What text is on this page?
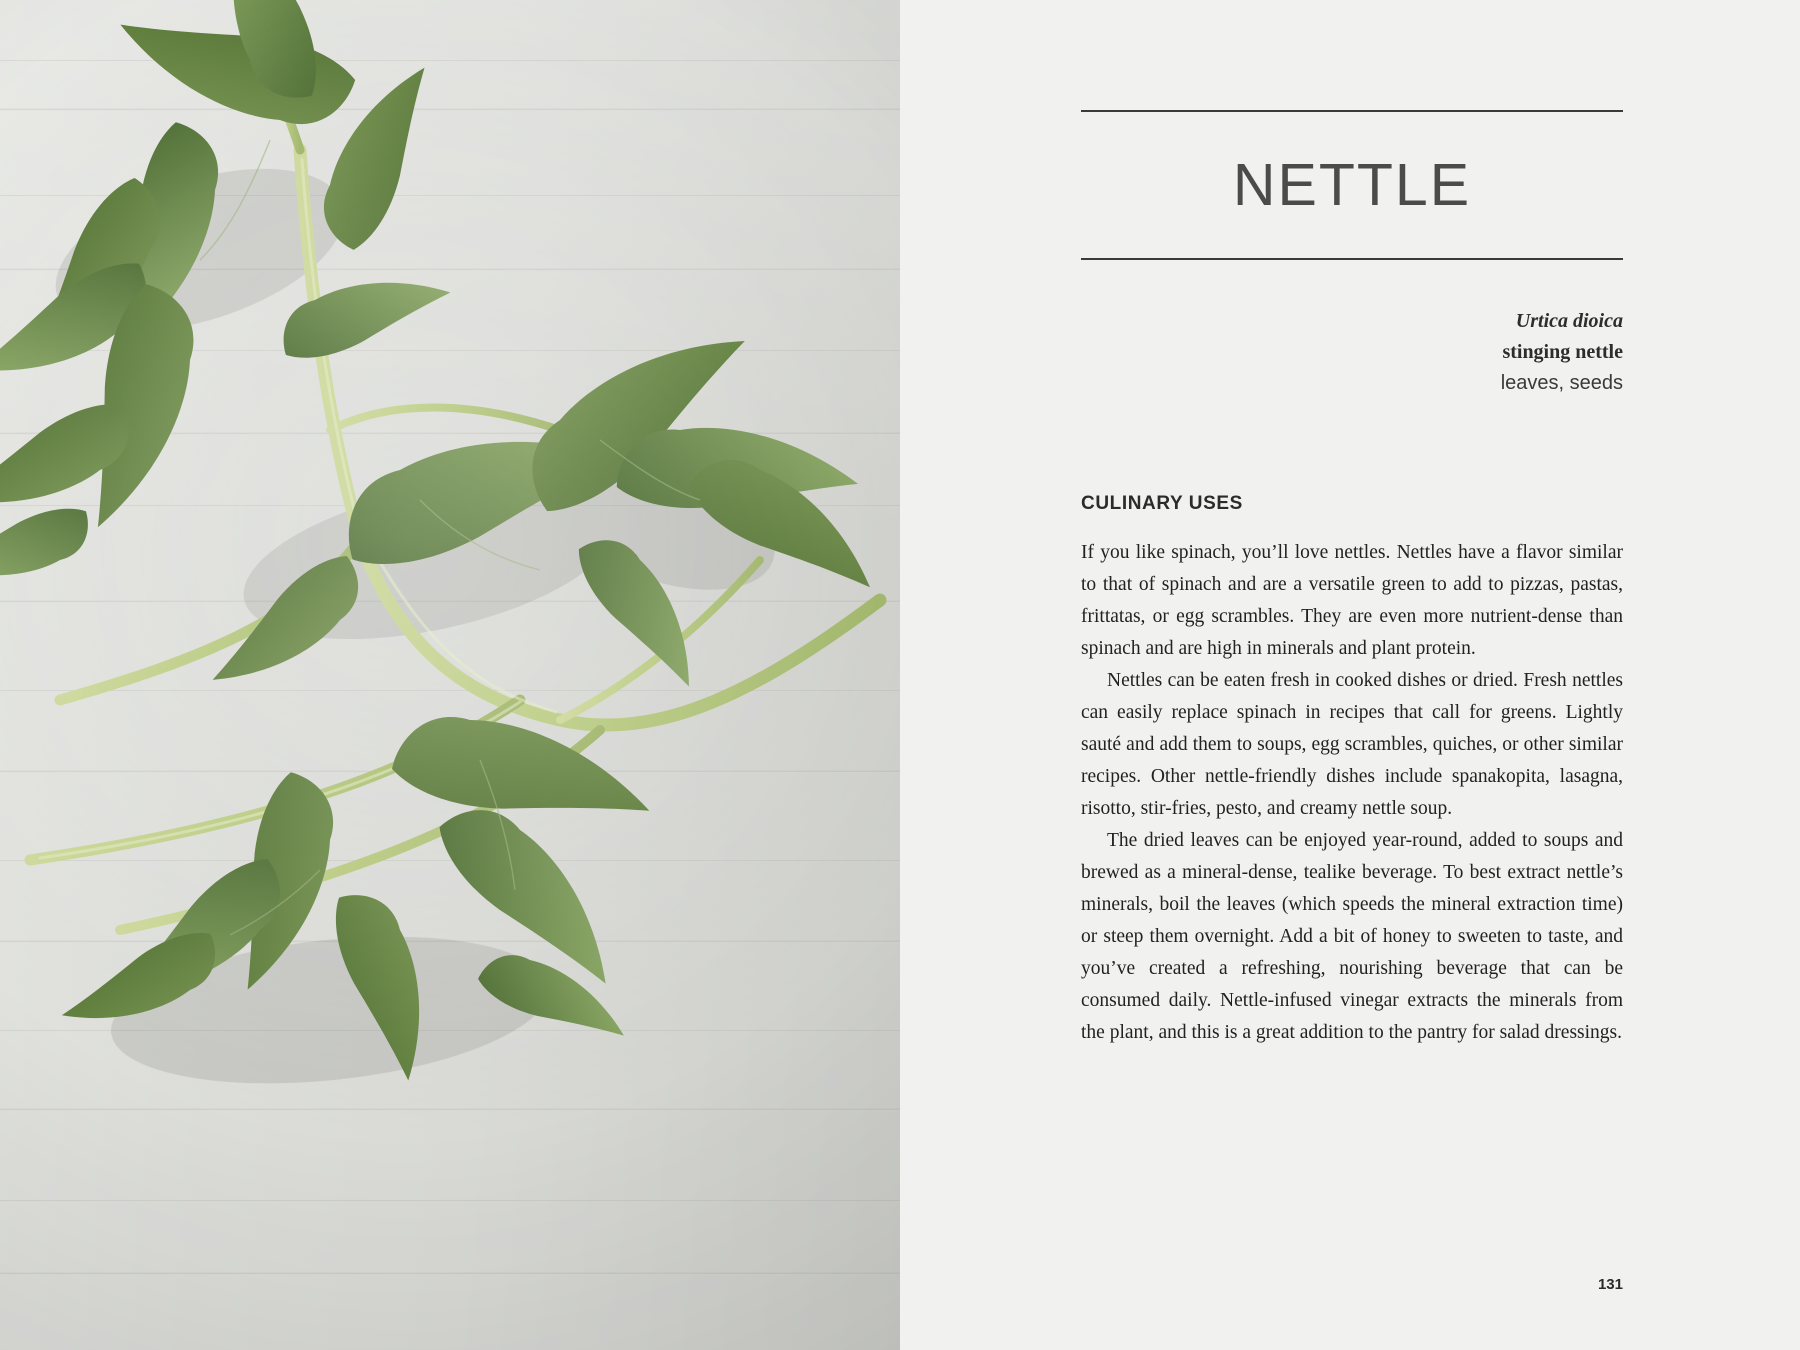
NETTLE
Urtica dioica
stinging nettle
leaves, seeds
CULINARY USES

If you like spinach, you’ll love nettles. Nettles have a flavor similar to that of spinach and are a versatile green to add to pizzas, pastas, frittatas, or egg scrambles. They are even more nutrient-dense than spinach and are high in minerals and plant protein.

Nettles can be eaten fresh in cooked dishes or dried. Fresh nettles can easily replace spinach in recipes that call for greens. Lightly sauté and add them to soups, egg scrambles, quiches, or other similar recipes. Other nettle-friendly dishes include spanakopita, lasagna, risotto, stir-fries, pesto, and creamy nettle soup.

The dried leaves can be enjoyed year-round, added to soups and brewed as a mineral-dense, tealike beverage. To best extract nettle’s minerals, boil the leaves (which speeds the mineral extraction time) or steep them overnight. Add a bit of honey to sweeten to taste, and you’ve created a refreshing, nourishing beverage that can be consumed daily. Nettle-infused vinegar extracts the minerals from the plant, and this is a great addition to the pantry for salad dressings.

131
